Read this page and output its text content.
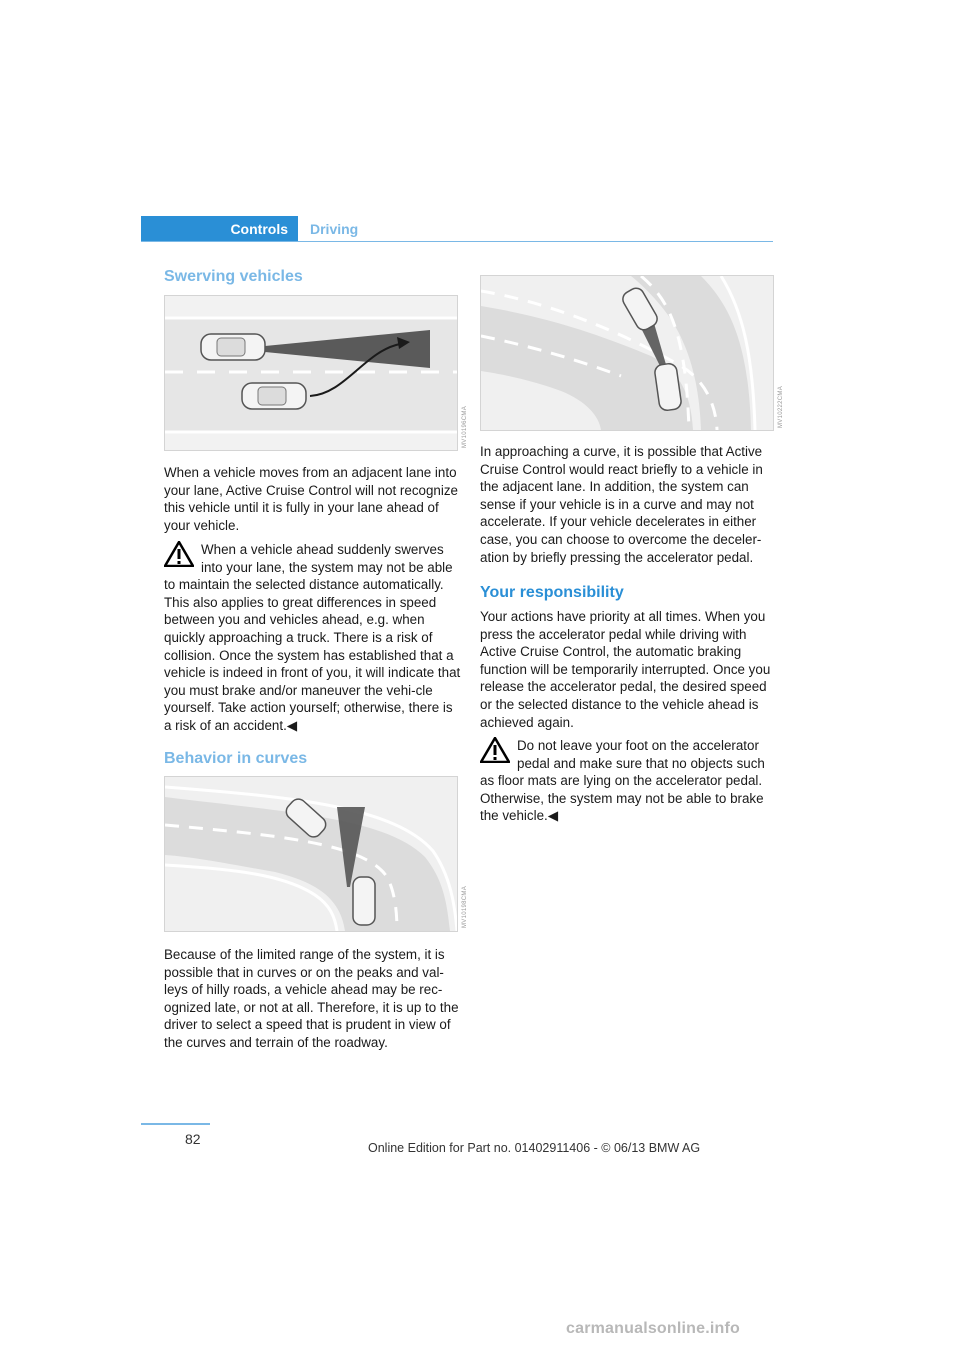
Controls	Driving
Swerving vehicles
MV10196CMA

When a vehicle moves from an adjacent lane into your lane, Active Cruise Control will not recognize this vehicle until it is fully in your lane ahead of your vehicle.

When a vehicle ahead suddenly swerves into your lane, the system may not be able

to maintain the selected distance automatically. This also applies to great differences in speed between you and vehicles ahead, e.g. when quickly approaching a truck. There is a risk of collision. Once the system has established that a vehicle is indeed in front of you, it will indicate that you must brake and/or maneuver the vehi-cle yourself. Take action yourself; otherwise, there is a risk of an accident.◀

Behavior in curves
MV10198CMA

Because of the limited range of the system, it is possible that in curves or on the peaks and val-leys of hilly roads, a vehicle ahead may be rec-ognized late, or not at all. Therefore, it is up to the driver to select a speed that is prudent in view of the curves and terrain of the roadway.

MV10222CMA

In approaching a curve, it is possible that Active Cruise Control would react briefly to a vehicle in the adjacent lane. In addition, the system can sense if your vehicle is in a curve and may not accelerate. If your vehicle decelerates in either case, you can choose to overcome the deceler-ation by briefly pressing the accelerator pedal.

Your responsibility

Your actions have priority at all times. When you press the accelerator pedal while driving with Active Cruise Control, the automatic braking function will be temporarily interrupted. Once you release the accelerator pedal, the desired speed or the selected distance to the vehicle ahead is achieved again.

Do not leave your foot on the accelerator pedal and make sure that no objects such

as floor mats are lying on the accelerator pedal. Otherwise, the system may not be able to brake the vehicle.◀

82
Online Edition for Part no. 01402911406 - © 06/13 BMW AG
carmanualsonline.info
